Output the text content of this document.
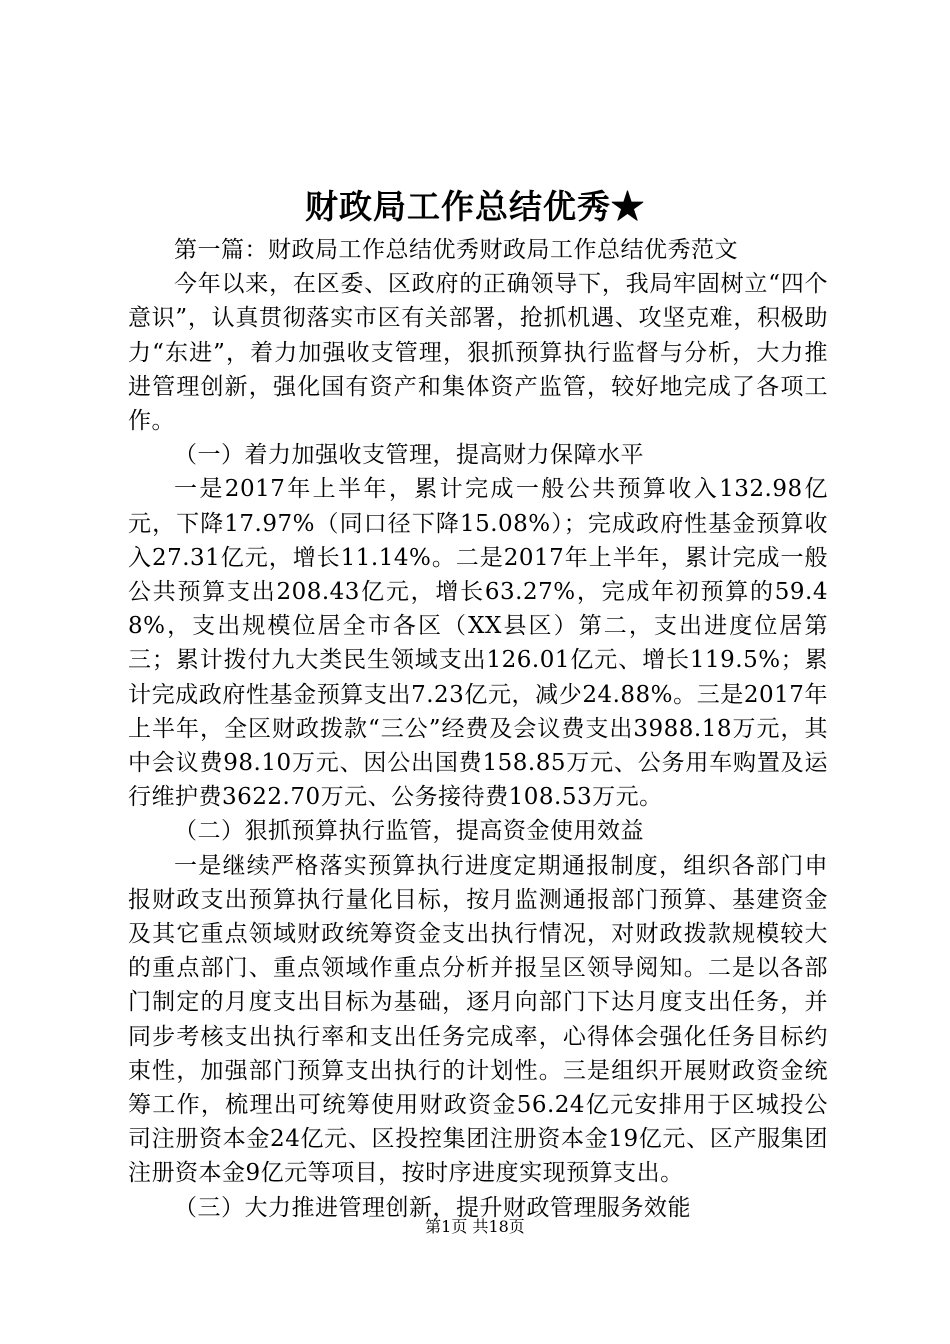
财政局工作总结优秀★

第一篇：财政局工作总结优秀财政局工作总结优秀范文

今年以来，在区委、区政府的正确领导下，我局牢固树立“四个意识”，认真贯彻落实市区有关部署，抢抓机遇、攻坚克难，积极助力“东进”，着力加强收支管理，狠抓预算执行监督与分析，大力推进管理创新，强化国有资产和集体资产监管，较好地完成了各项工作。

（一）着力加强收支管理，提高财力保障水平

一是2017年上半年，累计完成一般公共预算收入132.98亿元，下降17.97%（同口径下降15.08%）；完成政府性基金预算收入27.31亿元，增长11.14%。二是2017年上半年，累计完成一般公共预算支出208.43亿元，增长63.27%，完成年初预算的59.48%，支出规模位居全市各区（XX县区）第二，支出进度位居第三；累计拨付九大类民生领域支出126.01亿元、增长119.5%；累计完成政府性基金预算支出7.23亿元，减少24.88%。三是2017年上半年，全区财政拨款“三公”经费及会议费支出3988.18万元，其中会议费98.10万元、因公出国费158.85万元、公务用车购置及运行维护费3622.70万元、公务接待费108.53万元。

（二）狠抓预算执行监管，提高资金使用效益

一是继续严格落实预算执行进度定期通报制度，组织各部门申报财政支出预算执行量化目标，按月监测通报部门预算、基建资金及其它重点领域财政统筹资金支出执行情况，对财政拨款规模较大的重点部门、重点领域作重点分析并报呈区领导阅知。二是以各部门制定的月度支出目标为基础，逐月向部门下达月度支出任务，并同步考核支出执行率和支出任务完成率，心得体会强化任务目标约束性，加强部门预算支出执行的计划性。三是组织开展财政资金统筹工作，梳理出可统筹使用财政资金56.24亿元安排用于区城投公司注册资本金24亿元、区投控集团注册资本金19亿元、区产服集团注册资本金9亿元等项目，按时序进度实现预算支出。

（三）大力推进管理创新，提升财政管理服务效能

第1页 共18页
